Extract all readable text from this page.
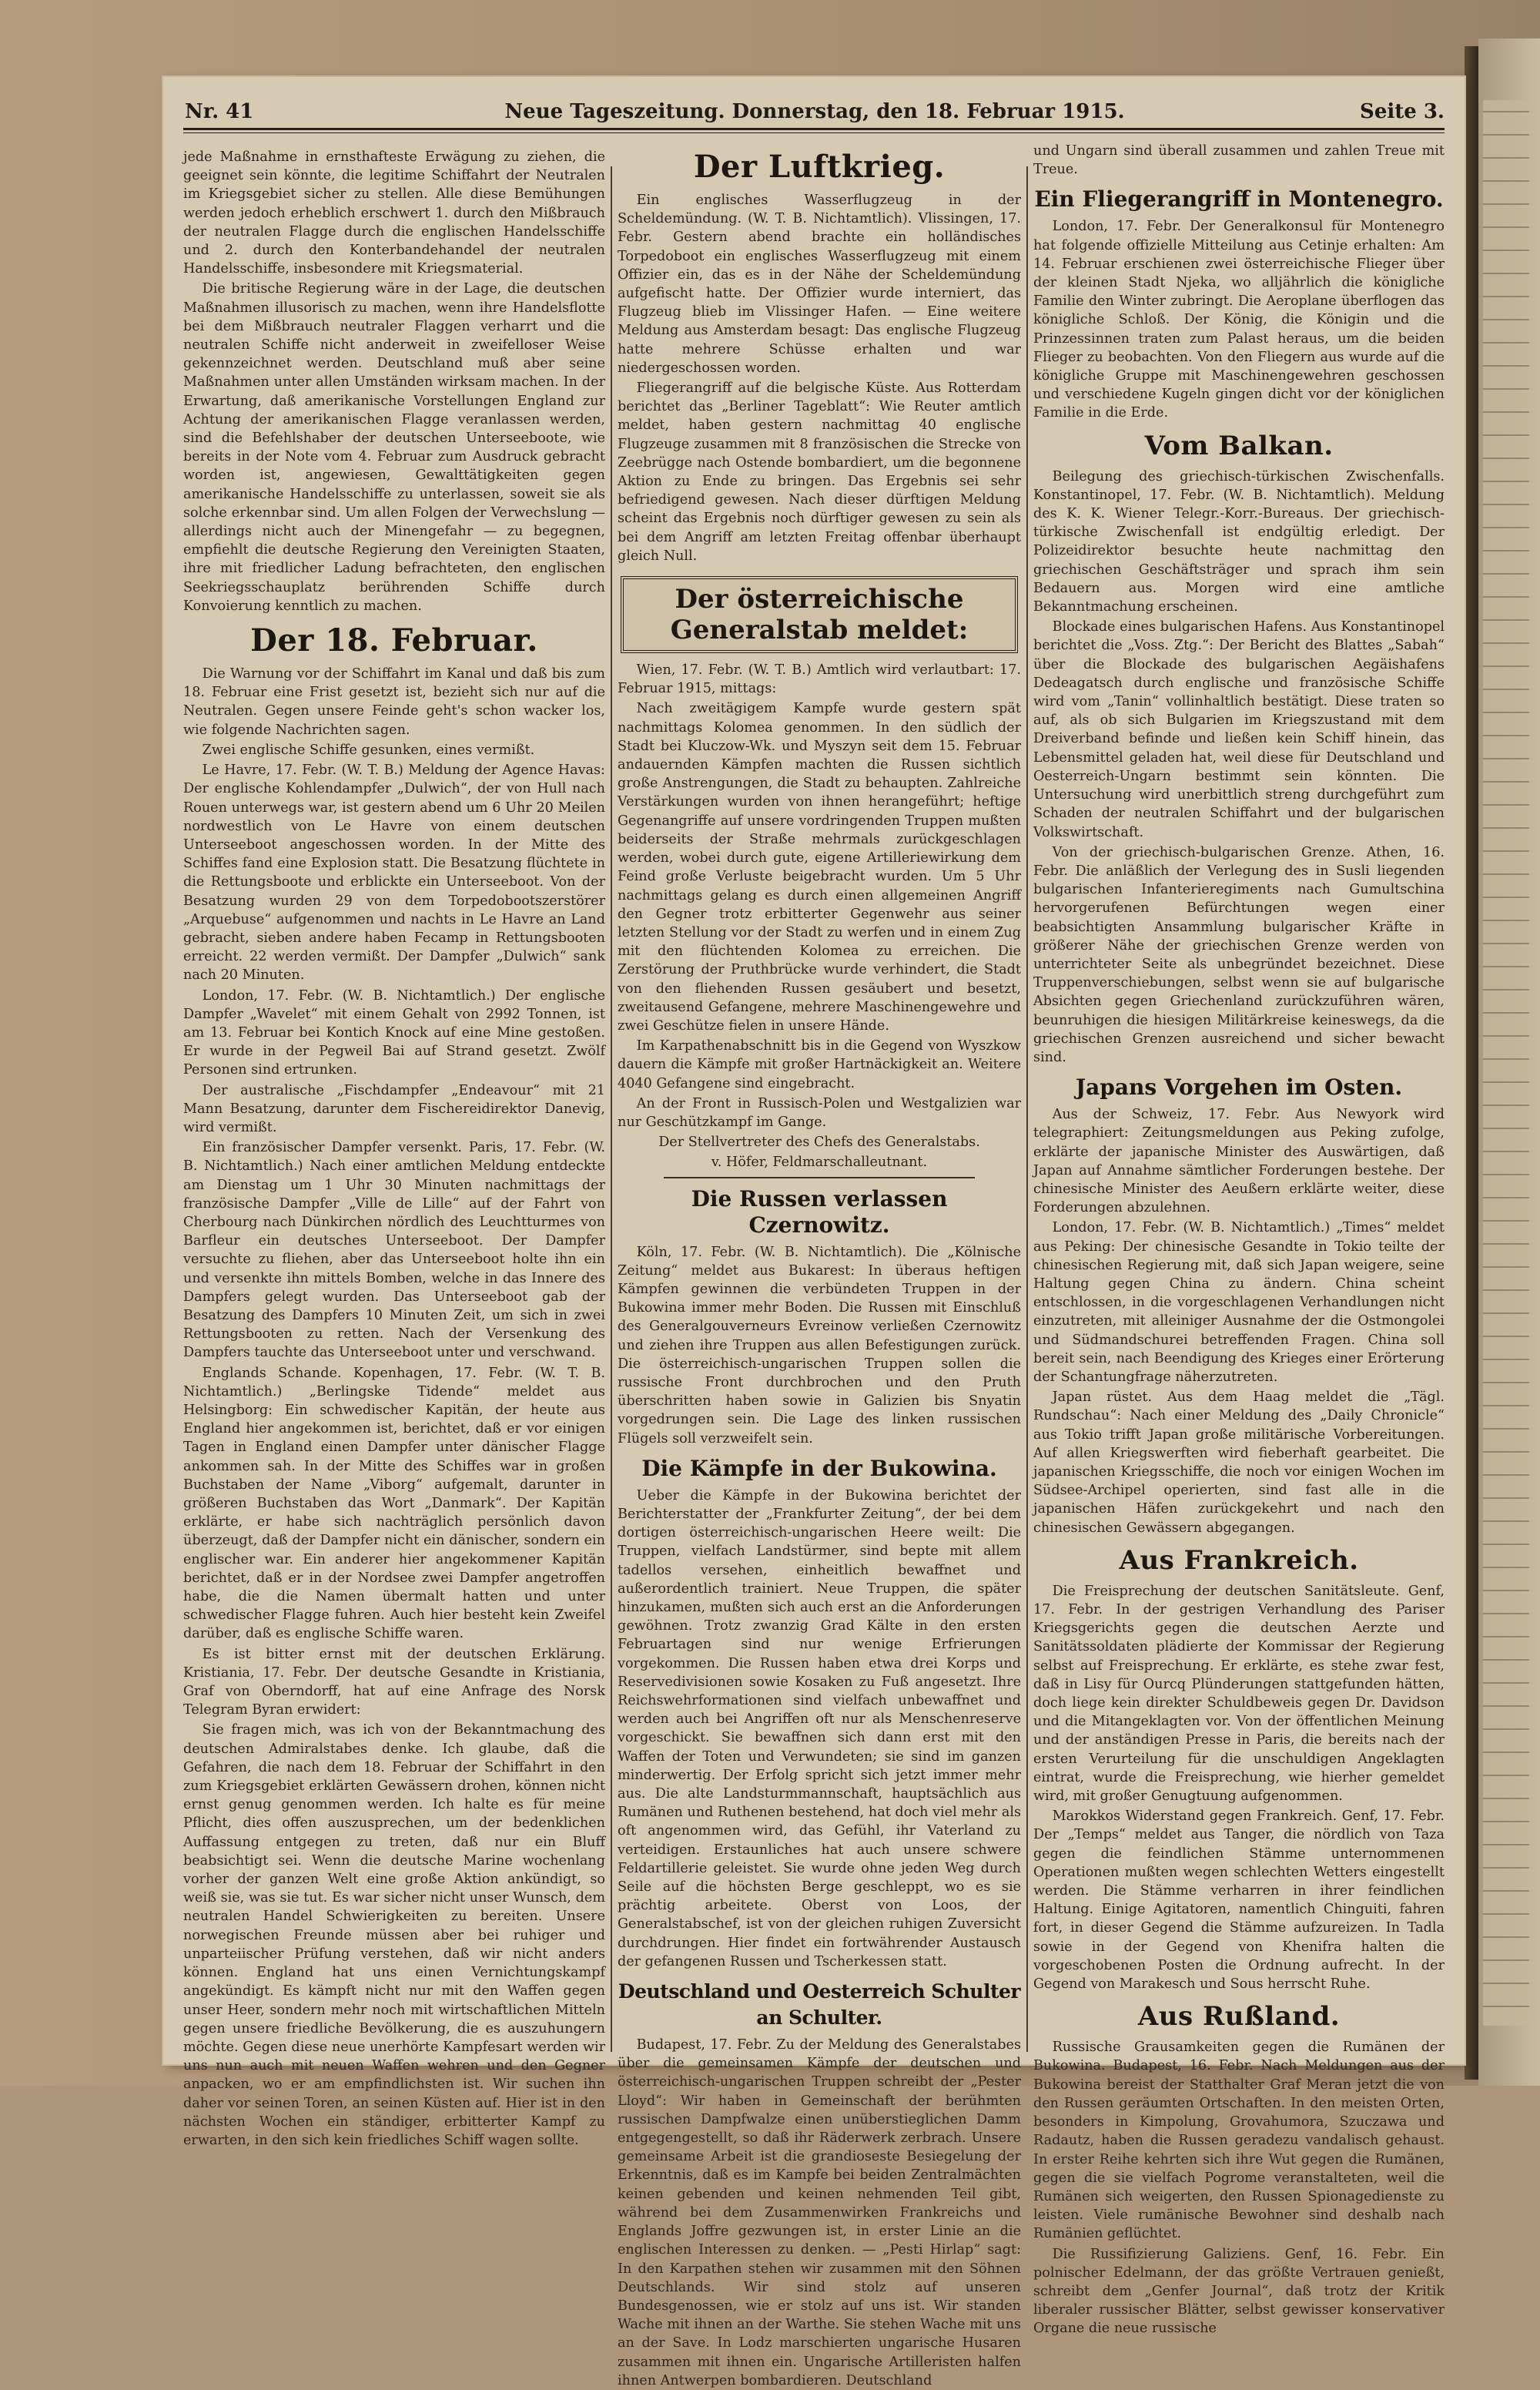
Nr. 41	Neue Tageszeitung. Donnerstag, den 18. Februar 1915.	Seite 3.

jede Maßnahme in ernsthafteste Erwägung zu ziehen, die geeignet sein könnte, die legitime Schiffahrt der Neutralen im Kriegsgebiet sicher zu stellen. Alle diese Bemühungen werden jedoch erheblich erschwert 1. durch den Mißbrauch der neutralen Flagge durch die englischen Handelsschiffe und 2. durch den Konterbandehandel der neutralen Handelsschiffe, insbesondere mit Kriegsmaterial.

Die britische Regierung wäre in der Lage, die deutschen Maßnahmen illusorisch zu machen, wenn ihre Handelsflotte bei dem Mißbrauch neutraler Flaggen verharrt und die neutralen Schiffe nicht anderweit in zweifelloser Weise gekennzeichnet werden. Deutschland muß aber seine Maßnahmen unter allen Umständen wirksam machen. In der Erwartung, daß amerikanische Vorstellungen England zur Achtung der amerikanischen Flagge veranlassen werden, sind die Befehlshaber der deutschen Unterseeboote, wie bereits in der Note vom 4. Februar zum Ausdruck gebracht worden ist, angewiesen, Gewalttätigkeiten gegen amerikanische Handelsschiffe zu unterlassen, soweit sie als solche erkennbar sind. Um allen Folgen der Verwechslung — allerdings nicht auch der Minengefahr — zu begegnen, empfiehlt die deutsche Regierung den Vereinigten Staaten, ihre mit friedlicher Ladung befrachteten, den englischen Seekriegsschauplatz berührenden Schiffe durch Konvoierung kenntlich zu machen.

Der 18. Februar.

Die Warnung vor der Schiffahrt im Kanal und daß bis zum 18. Februar eine Frist gesetzt ist, bezieht sich nur auf die Neutralen. Gegen unsere Feinde geht's schon wacker los, wie folgende Nachrichten sagen.

Zwei englische Schiffe gesunken, eines vermißt.

Le Havre, 17. Febr. (W. T. B.) Meldung der Agence Havas: Der englische Kohlendampfer „Dulwich“, der von Hull nach Rouen unterwegs war, ist gestern abend um 6 Uhr 20 Meilen nordwestlich von Le Havre von einem deutschen Unterseeboot angeschossen worden. In der Mitte des Schiffes fand eine Explosion statt. Die Besatzung flüchtete in die Rettungsboote und erblickte ein Unterseeboot. Von der Besatzung wurden 29 von dem Torpedobootszerstörer „Arquebuse“ aufgenommen und nachts in Le Havre an Land gebracht, sieben andere haben Fecamp in Rettungsbooten erreicht. 22 werden vermißt. Der Dampfer „Dulwich“ sank nach 20 Minuten.

London, 17. Febr. (W. B. Nichtamtlich.) Der englische Dampfer „Wavelet“ mit einem Gehalt von 2992 Tonnen, ist am 13. Februar bei Kontich Knock auf eine Mine gestoßen. Er wurde in der Pegweil Bai auf Strand gesetzt. Zwölf Personen sind ertrunken.

Der australische „Fischdampfer „Endeavour“ mit 21 Mann Besatzung, darunter dem Fischereidirektor Danevig, wird vermißt.

Ein französischer Dampfer versenkt. Paris, 17. Febr. (W. B. Nichtamtlich.) Nach einer amtlichen Meldung entdeckte am Dienstag um 1 Uhr 30 Minuten nachmittags der französische Dampfer „Ville de Lille“ auf der Fahrt von Cherbourg nach Dünkirchen nördlich des Leuchtturmes von Barfleur ein deutsches Unterseeboot. Der Dampfer versuchte zu fliehen, aber das Unterseeboot holte ihn ein und versenkte ihn mittels Bomben, welche in das Innere des Dampfers gelegt wurden. Das Unterseeboot gab der Besatzung des Dampfers 10 Minuten Zeit, um sich in zwei Rettungsbooten zu retten. Nach der Versenkung des Dampfers tauchte das Unterseeboot unter und verschwand.

Englands Schande. Kopenhagen, 17. Febr. (W. T. B. Nichtamtlich.) „Berlingske Tidende“ meldet aus Helsingborg: Ein schwedischer Kapitän, der heute aus England hier angekommen ist, berichtet, daß er vor einigen Tagen in England einen Dampfer unter dänischer Flagge ankommen sah. In der Mitte des Schiffes war in großen Buchstaben der Name „Viborg“ aufgemalt, darunter in größeren Buchstaben das Wort „Danmark“. Der Kapitän erklärte, er habe sich nachträglich persönlich davon überzeugt, daß der Dampfer nicht ein dänischer, sondern ein englischer war. Ein anderer hier angekommener Kapitän berichtet, daß er in der Nordsee zwei Dampfer angetroffen habe, die die Namen übermalt hatten und unter schwedischer Flagge fuhren. Auch hier besteht kein Zweifel darüber, daß es englische Schiffe waren.

Es ist bitter ernst mit der deutschen Erklärung. Kristiania, 17. Febr. Der deutsche Gesandte in Kristiania, Graf von Oberndorff, hat auf eine Anfrage des Norsk Telegram Byran erwidert:

Sie fragen mich, was ich von der Bekanntmachung des deutschen Admiralstabes denke. Ich glaube, daß die Gefahren, die nach dem 18. Februar der Schiffahrt in den zum Kriegsgebiet erklärten Gewässern drohen, können nicht ernst genug genommen werden. Ich halte es für meine Pflicht, dies offen auszusprechen, um der bedenklichen Auffassung entgegen zu treten, daß nur ein Bluff beabsichtigt sei. Wenn die deutsche Marine wochenlang vorher der ganzen Welt eine große Aktion ankündigt, so weiß sie, was sie tut. Es war sicher nicht unser Wunsch, dem neutralen Handel Schwierigkeiten zu bereiten. Unsere norwegischen Freunde müssen aber bei ruhiger und unparteiischer Prüfung verstehen, daß wir nicht anders können. England hat uns einen Vernichtungskampf angekündigt. Es kämpft nicht nur mit den Waffen gegen unser Heer, sondern mehr noch mit wirtschaftlichen Mitteln gegen unsere friedliche Bevölkerung, die es auszuhungern möchte. Gegen diese neue unerhörte Kampfesart werden wir uns nun auch mit neuen Waffen wehren und den Gegner anpacken, wo er am empfindlichsten ist. Wir suchen ihn daher vor seinen Toren, an seinen Küsten auf. Hier ist in den nächsten Wochen ein ständiger, erbitterter Kampf zu erwarten, in den sich kein friedliches Schiff wagen sollte.

Der Luftkrieg.

Ein englisches Wasserflugzeug in der Scheldemündung. (W. T. B. Nichtamtlich). Vlissingen, 17. Febr. Gestern abend brachte ein holländisches Torpedoboot ein englisches Wasserflugzeug mit einem Offizier ein, das es in der Nähe der Scheldemündung aufgefischt hatte. Der Offizier wurde interniert, das Flugzeug blieb im Vlissinger Hafen. — Eine weitere Meldung aus Amsterdam besagt: Das englische Flugzeug hatte mehrere Schüsse erhalten und war niedergeschossen worden.

Fliegerangriff auf die belgische Küste. Aus Rotterdam berichtet das „Berliner Tageblatt“: Wie Reuter amtlich meldet, haben gestern nachmittag 40 englische Flugzeuge zusammen mit 8 französischen die Strecke von Zeebrügge nach Ostende bombardiert, um die begonnene Aktion zu Ende zu bringen. Das Ergebnis sei sehr befriedigend gewesen. Nach dieser dürftigen Meldung scheint das Ergebnis noch dürftiger gewesen zu sein als bei dem Angriff am letzten Freitag offenbar überhaupt gleich Null.

Der österreichische Generalstab meldet:

Wien, 17. Febr. (W. T. B.) Amtlich wird verlautbart: 17. Februar 1915, mittags:

Nach zweitägigem Kampfe wurde gestern spät nachmittags Kolomea genommen. In den südlich der Stadt bei Kluczow-Wk. und Myszyn seit dem 15. Februar andauernden Kämpfen machten die Russen sichtlich große Anstrengungen, die Stadt zu behaupten. Zahlreiche Verstärkungen wurden von ihnen herangeführt; heftige Gegenangriffe auf unsere vordringenden Truppen mußten beiderseits der Straße mehrmals zurückgeschlagen werden, wobei durch gute, eigene Artilleriewirkung dem Feind große Verluste beigebracht wurden. Um 5 Uhr nachmittags gelang es durch einen allgemeinen Angriff den Gegner trotz erbitterter Gegenwehr aus seiner letzten Stellung vor der Stadt zu werfen und in einem Zug mit den flüchtenden Kolomea zu erreichen. Die Zerstörung der Pruthbrücke wurde verhindert, die Stadt von den fliehenden Russen gesäubert und besetzt, zweitausend Gefangene, mehrere Maschinengewehre und zwei Geschütze fielen in unsere Hände.

Im Karpathenabschnitt bis in die Gegend von Wyszkow dauern die Kämpfe mit großer Hartnäckigkeit an. Weitere 4040 Gefangene sind eingebracht.

An der Front in Russisch-Polen und Westgalizien war nur Geschützkampf im Gange.

Der Stellvertreter des Chefs des Generalstabs.

v. Höfer, Feldmarschalleutnant.

Die Russen verlassen Czernowitz.

Köln, 17. Febr. (W. B. Nichtamtlich). Die „Kölnische Zeitung“ meldet aus Bukarest: In überaus heftigen Kämpfen gewinnen die verbündeten Truppen in der Bukowina immer mehr Boden. Die Russen mit Einschluß des Generalgouverneurs Evreinow verließen Czernowitz und ziehen ihre Truppen aus allen Befestigungen zurück. Die österreichisch-ungarischen Truppen sollen die russische Front durchbrochen und den Pruth überschritten haben sowie in Galizien bis Snyatin vorgedrungen sein. Die Lage des linken russischen Flügels soll verzweifelt sein.

Die Kämpfe in der Bukowina.

Ueber die Kämpfe in der Bukowina berichtet der Berichterstatter der „Frankfurter Zeitung“, der bei dem dortigen österreichisch-ungarischen Heere weilt: Die Truppen, vielfach Landstürmer, sind bepte mit allem tadellos versehen, einheitlich bewaffnet und außerordentlich trainiert. Neue Truppen, die später hinzukamen, mußten sich auch erst an die Anforderungen gewöhnen. Trotz zwanzig Grad Kälte in den ersten Februartagen sind nur wenige Erfrierungen vorgekommen. Die Russen haben etwa drei Korps und Reservedivisionen sowie Kosaken zu Fuß angesetzt. Ihre Reichswehrformationen sind vielfach unbewaffnet und werden auch bei Angriffen oft nur als Menschenreserve vorgeschickt. Sie bewaffnen sich dann erst mit den Waffen der Toten und Verwundeten; sie sind im ganzen minderwertig. Der Erfolg spricht sich jetzt immer mehr aus. Die alte Landsturmmannschaft, hauptsächlich aus Rumänen und Ruthenen bestehend, hat doch viel mehr als oft angenommen wird, das Gefühl, ihr Vaterland zu verteidigen. Erstaunliches hat auch unsere schwere Feldartillerie geleistet. Sie wurde ohne jeden Weg durch Seile auf die höchsten Berge geschleppt, wo es sie prächtig arbeitete. Oberst von Loos, der Generalstabschef, ist von der gleichen ruhigen Zuversicht durchdrungen. Hier findet ein fortwährender Austausch der gefangenen Russen und Tscherkessen statt.

Deutschland und Oesterreich Schulter an Schulter.

Budapest, 17. Febr. Zu der Meldung des Generalstabes über die gemeinsamen Kämpfe der deutschen und österreichisch-ungarischen Truppen schreibt der „Pester Lloyd“: Wir haben in Gemeinschaft der berühmten russischen Dampfwalze einen unüberstieglichen Damm entgegengestellt, so daß ihr Räderwerk zerbrach. Unsere gemeinsame Arbeit ist die grandioseste Besiegelung der Erkenntnis, daß es im Kampfe bei beiden Zentralmächten keinen gebenden und keinen nehmenden Teil gibt, während bei dem Zusammenwirken Frankreichs und Englands Joffre gezwungen ist, in erster Linie an die englischen Interessen zu denken. — „Pesti Hirlap“ sagt: In den Karpathen stehen wir zusammen mit den Söhnen Deutschlands. Wir sind stolz auf unseren Bundesgenossen, wie er stolz auf uns ist. Wir standen Wache mit ihnen an der Warthe. Sie stehen Wache mit uns an der Save. In Lodz marschierten ungarische Husaren zusammen mit ihnen ein. Ungarische Artilleristen halfen ihnen Antwerpen bombardieren. Deutschland

und Ungarn sind überall zusammen und zahlen Treue mit Treue.

Ein Fliegerangriff in Montenegro.

London, 17. Febr. Der Generalkonsul für Montenegro hat folgende offizielle Mitteilung aus Cetinje erhalten: Am 14. Februar erschienen zwei österreichische Flieger über der kleinen Stadt Njeka, wo alljährlich die königliche Familie den Winter zubringt. Die Aeroplane überflogen das königliche Schloß. Der König, die Königin und die Prinzessinnen traten zum Palast heraus, um die beiden Flieger zu beobachten. Von den Fliegern aus wurde auf die königliche Gruppe mit Maschinengewehren geschossen und verschiedene Kugeln gingen dicht vor der königlichen Familie in die Erde.

Vom Balkan.

Beilegung des griechisch-türkischen Zwischenfalls. Konstantinopel, 17. Febr. (W. B. Nichtamtlich). Meldung des K. K. Wiener Telegr.-Korr.-Bureaus. Der griechisch-türkische Zwischenfall ist endgültig erledigt. Der Polizeidirektor besuchte heute nachmittag den griechischen Geschäftsträger und sprach ihm sein Bedauern aus. Morgen wird eine amtliche Bekanntmachung erscheinen.

Blockade eines bulgarischen Hafens. Aus Konstantinopel berichtet die „Voss. Ztg.“: Der Bericht des Blattes „Sabah“ über die Blockade des bulgarischen Aegäishafens Dedeagatsch durch englische und französische Schiffe wird vom „Tanin“ vollinhaltlich bestätigt. Diese traten so auf, als ob sich Bulgarien im Kriegszustand mit dem Dreiverband befinde und ließen kein Schiff hinein, das Lebensmittel geladen hat, weil diese für Deutschland und Oesterreich-Ungarn bestimmt sein könnten. Die Untersuchung wird unerbittlich streng durchgeführt zum Schaden der neutralen Schiffahrt und der bulgarischen Volkswirtschaft.

Von der griechisch-bulgarischen Grenze. Athen, 16. Febr. Die anläßlich der Verlegung des in Susli liegenden bulgarischen Infanterieregiments nach Gumultschina hervorgerufenen Befürchtungen wegen einer beabsichtigten Ansammlung bulgarischer Kräfte in größerer Nähe der griechischen Grenze werden von unterrichteter Seite als unbegründet bezeichnet. Diese Truppenverschiebungen, selbst wenn sie auf bulgarische Absichten gegen Griechenland zurückzuführen wären, beunruhigen die hiesigen Militärkreise keineswegs, da die griechischen Grenzen ausreichend und sicher bewacht sind.

Japans Vorgehen im Osten.

Aus der Schweiz, 17. Febr. Aus Newyork wird telegraphiert: Zeitungsmeldungen aus Peking zufolge, erklärte der japanische Minister des Auswärtigen, daß Japan auf Annahme sämtlicher Forderungen bestehe. Der chinesische Minister des Aeußern erklärte weiter, diese Forderungen abzulehnen.

London, 17. Febr. (W. B. Nichtamtlich.) „Times“ meldet aus Peking: Der chinesische Gesandte in Tokio teilte der chinesischen Regierung mit, daß sich Japan weigere, seine Haltung gegen China zu ändern. China scheint entschlossen, in die vorgeschlagenen Verhandlungen nicht einzutreten, mit alleiniger Ausnahme der die Ostmongolei und Südmandschurei betreffenden Fragen. China soll bereit sein, nach Beendigung des Krieges einer Erörterung der Schantungfrage näherzutreten.

Japan rüstet. Aus dem Haag meldet die „Tägl. Rundschau“: Nach einer Meldung des „Daily Chronicle“ aus Tokio trifft Japan große militärische Vorbereitungen. Auf allen Kriegswerften wird fieberhaft gearbeitet. Die japanischen Kriegsschiffe, die noch vor einigen Wochen im Südsee-Archipel operierten, sind fast alle in die japanischen Häfen zurückgekehrt und nach den chinesischen Gewässern abgegangen.

Aus Frankreich.

Die Freisprechung der deutschen Sanitätsleute. Genf, 17. Febr. In der gestrigen Verhandlung des Pariser Kriegsgerichts gegen die deutschen Aerzte und Sanitätssoldaten plädierte der Kommissar der Regierung selbst auf Freisprechung. Er erklärte, es stehe zwar fest, daß in Lisy für Ourcq Plünderungen stattgefunden hätten, doch liege kein direkter Schuldbeweis gegen Dr. Davidson und die Mitangeklagten vor. Von der öffentlichen Meinung und der anständigen Presse in Paris, die bereits nach der ersten Verurteilung für die unschuldigen Angeklagten eintrat, wurde die Freisprechung, wie hierher gemeldet wird, mit großer Genugtuung aufgenommen.

Marokkos Widerstand gegen Frankreich. Genf, 17. Febr. Der „Temps“ meldet aus Tanger, die nördlich von Taza gegen die feindlichen Stämme unternommenen Operationen mußten wegen schlechten Wetters eingestellt werden. Die Stämme verharren in ihrer feindlichen Haltung. Einige Agitatoren, namentlich Chinguiti, fahren fort, in dieser Gegend die Stämme aufzureizen. In Tadla sowie in der Gegend von Khenifra halten die vorgeschobenen Posten die Ordnung aufrecht. In der Gegend von Marakesch und Sous herrscht Ruhe.

Aus Rußland.

Russische Grausamkeiten gegen die Rumänen der Bukowina. Budapest, 16. Febr. Nach Meldungen aus der Bukowina bereist der Statthalter Graf Meran jetzt die von den Russen geräumten Ortschaften. In den meisten Orten, besonders in Kimpolung, Grovahumora, Szuczawa und Radautz, haben die Russen geradezu vandalisch gehaust. In erster Reihe kehrten sich ihre Wut gegen die Rumänen, gegen die sie vielfach Pogrome veranstalteten, weil die Rumänen sich weigerten, den Russen Spionagedienste zu leisten. Viele rumänische Bewohner sind deshalb nach Rumänien geflüchtet.

Die Russifizierung Galiziens. Genf, 16. Febr. Ein polnischer Edelmann, der das größte Vertrauen genießt, schreibt dem „Genfer Journal“, daß trotz der Kritik liberaler russischer Blätter, selbst gewisser konservativer Organe die neue russische
